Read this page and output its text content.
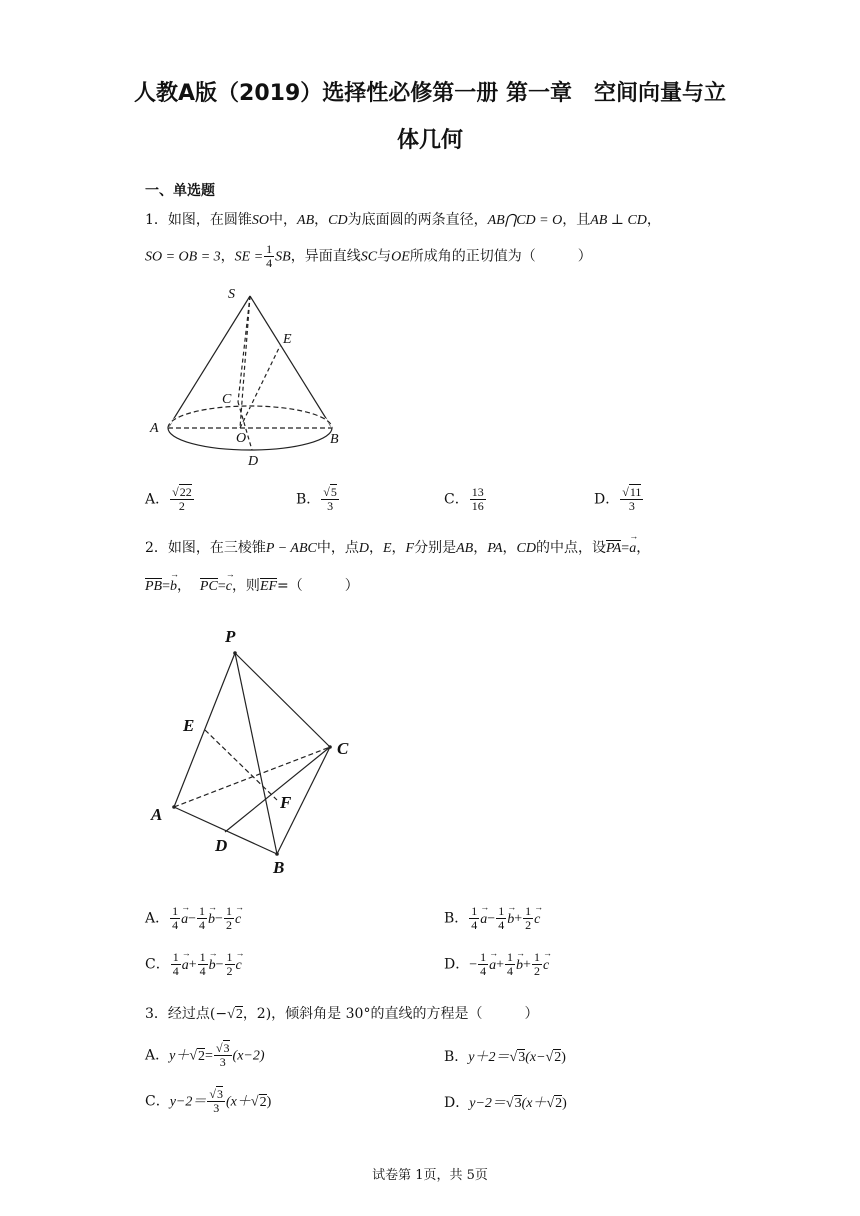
人教A版（2019）选择性必修第一册 第一章　空间向量与立
体几何
一、单选题
1．如图，在圆锥SO中，AB，CD为底面圆的两条直径，AB⋂CD = O，且AB ⊥ CD，
SO = OB = 3，SE = $\frac{1}{4}$ SB，异面直线SC与OE所成角的正切值为（　　　）
S
E
C
A
O	B
D
A． $\frac{√22}{2}$	B． $\frac{√5}{3}$	C． $\frac{13}{16}$	D． $\frac{√11}{3}$
2．如图，在三棱锥P − ABC中，点D，E，F分别是AB，PA，CD的中点，设PA=→ a，
PB=→ b， PC=→ c，则EF=（　　　）
P
E
C
A
F
D
B
A． $\frac{1}{4}$
→ $a- \frac{1}{4}$
→ $b- \frac{1}{2}$
→ c	B． $\frac{1}{4}$
→ $a- \frac{1}{4}$
→ $b+ \frac{1}{2}$
→ c
C． $\frac{1}{4}$
→ $a+ \frac{1}{4}$
→ $b- \frac{1}{2}$
→ c	D．− $\frac{1}{4}$
→ $a+ \frac{1}{4}$
→ $b+ \frac{1}{2}$
→ c
3．经过点(−√2，2)，倾斜角是 30°的直线的方程是（　　　）
A．$y+√2= \frac{√3}{3} (x-2)$	B．y＋2＝√3(x−√2)
C．$y-2= \frac{√3}{3} (x+√2)$	D．y−2＝√3(x＋√2)
试卷第 1页，共 5页
